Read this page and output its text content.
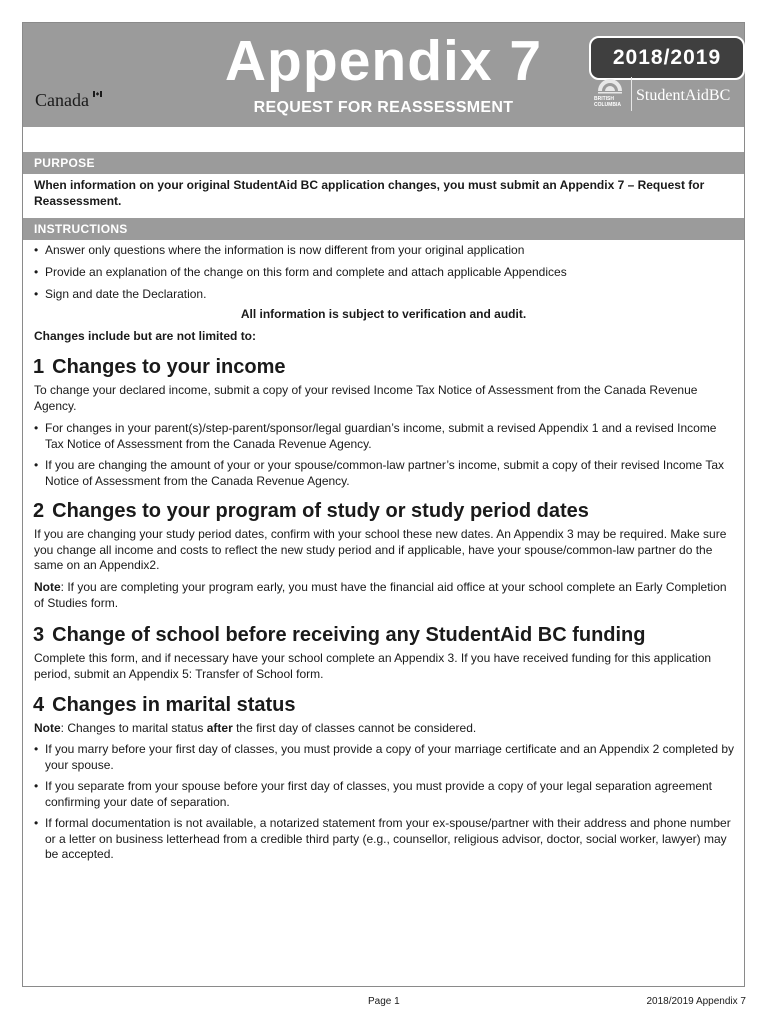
Canada
Appendix 7
REQUEST FOR REASSESSMENT
2018/2019
BRITISH COLUMBIA
StudentAidBC
PURPOSE
When information on your original StudentAid BC application changes, you must submit an Appendix 7 – Request for Reassessment.
INSTRUCTIONS
• Answer only questions where the information is now different from your original application
• Provide an explanation of the change on this form and complete and attach applicable Appendices
• Sign and date the Declaration.
All information is subject to verification and audit.
Changes include but are not limited to:
1 Changes to your income
To change your declared income, submit a copy of your revised Income Tax Notice of Assessment from the Canada Revenue Agency.
• For changes in your parent(s)/step-parent/sponsor/legal guardian’s income, submit a revised Appendix 1 and a revised Income Tax Notice of Assessment from the Canada Revenue Agency.
• If you are changing the amount of your or your spouse/common-law partner’s income, submit a copy of their revised Income Tax Notice of Assessment from the Canada Revenue Agency.
2 Changes to your program of study or study period dates
If you are changing your study period dates, confirm with your school these new dates. An Appendix 3 may be required. Make sure you change all income and costs to reflect the new study period and if applicable, have your spouse/common-law partner do the same on an Appendix2.
Note: If you are completing your program early, you must have the financial aid office at your school complete an Early Completion of Studies form.
3 Change of school before receiving any StudentAid BC funding
Complete this form, and if necessary have your school complete an Appendix 3. If you have received funding for this application period, submit an Appendix 5: Transfer of School form.
4 Changes in marital status
Note: Changes to marital status after the first day of classes cannot be considered.
• If you marry before your first day of classes, you must provide a copy of your marriage certificate and an Appendix 2 completed by your spouse.
• If you separate from your spouse before your first day of classes, you must provide a copy of your legal separation agreement confirming your date of separation.
• If formal documentation is not available, a notarized statement from your ex-spouse/partner with their address and phone number or a letter on business letterhead from a credible third party (e.g., counsellor, religious advisor, doctor, social worker, lawyer) may be accepted.
Page 1	2018/2019 Appendix 7
